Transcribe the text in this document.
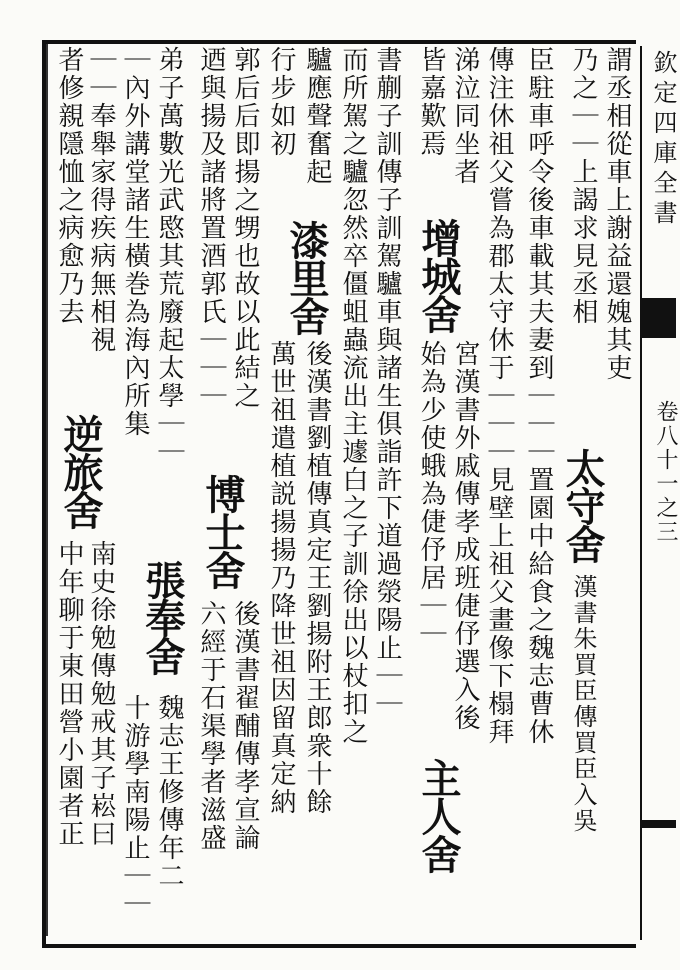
欽定四庫全書
卷八十一之三
謂丞相從車上謝益還媿其吏
乃之｜｜上謁求見丞相
太守舍
漢書朱買臣傳買臣入吳
臣駐車呼令後車載其夫妻到｜｜｜置園中給食之魏志曹休
傳注休祖父嘗為郡太守休于｜｜｜見壁上祖父畫像下榻拜
涕泣同坐者
增城舍
宮漢書外戚傳孝成班倢伃選入後
皆嘉歎焉
始為少使蛾為倢伃居｜｜
主人舍
書蒯子訓傳子訓駕驢車與諸生俱詣許下道過滎陽止｜｜
而所駕之驢忽然卒僵蛆蟲流出主遽白之子訓徐出以杖扣之
驢應聲奮起
漆里舍
後漢書劉植傳真定王劉揚附王郎衆十餘
行步如初
萬世祖遣植説揚揚乃降世祖因留真定納
郭后后即揚之甥也故以此結之
博士舍
後漢書翟酺傳孝宣論
迺與揚及諸將置酒郭氏｜｜｜
六經于石渠學者滋盛
弟子萬數光武愍其荒廢起太學｜｜
魏志王修傳年二
｜內外講堂諸生橫巻為海內所集
張奉舍
十游學南陽止｜｜
｜｜奉舉家得疾病無相視
南史徐勉傳勉戒其子崧曰
者修親隱恤之病愈乃去
逆旅舍
中年聊于東田營小園者正
